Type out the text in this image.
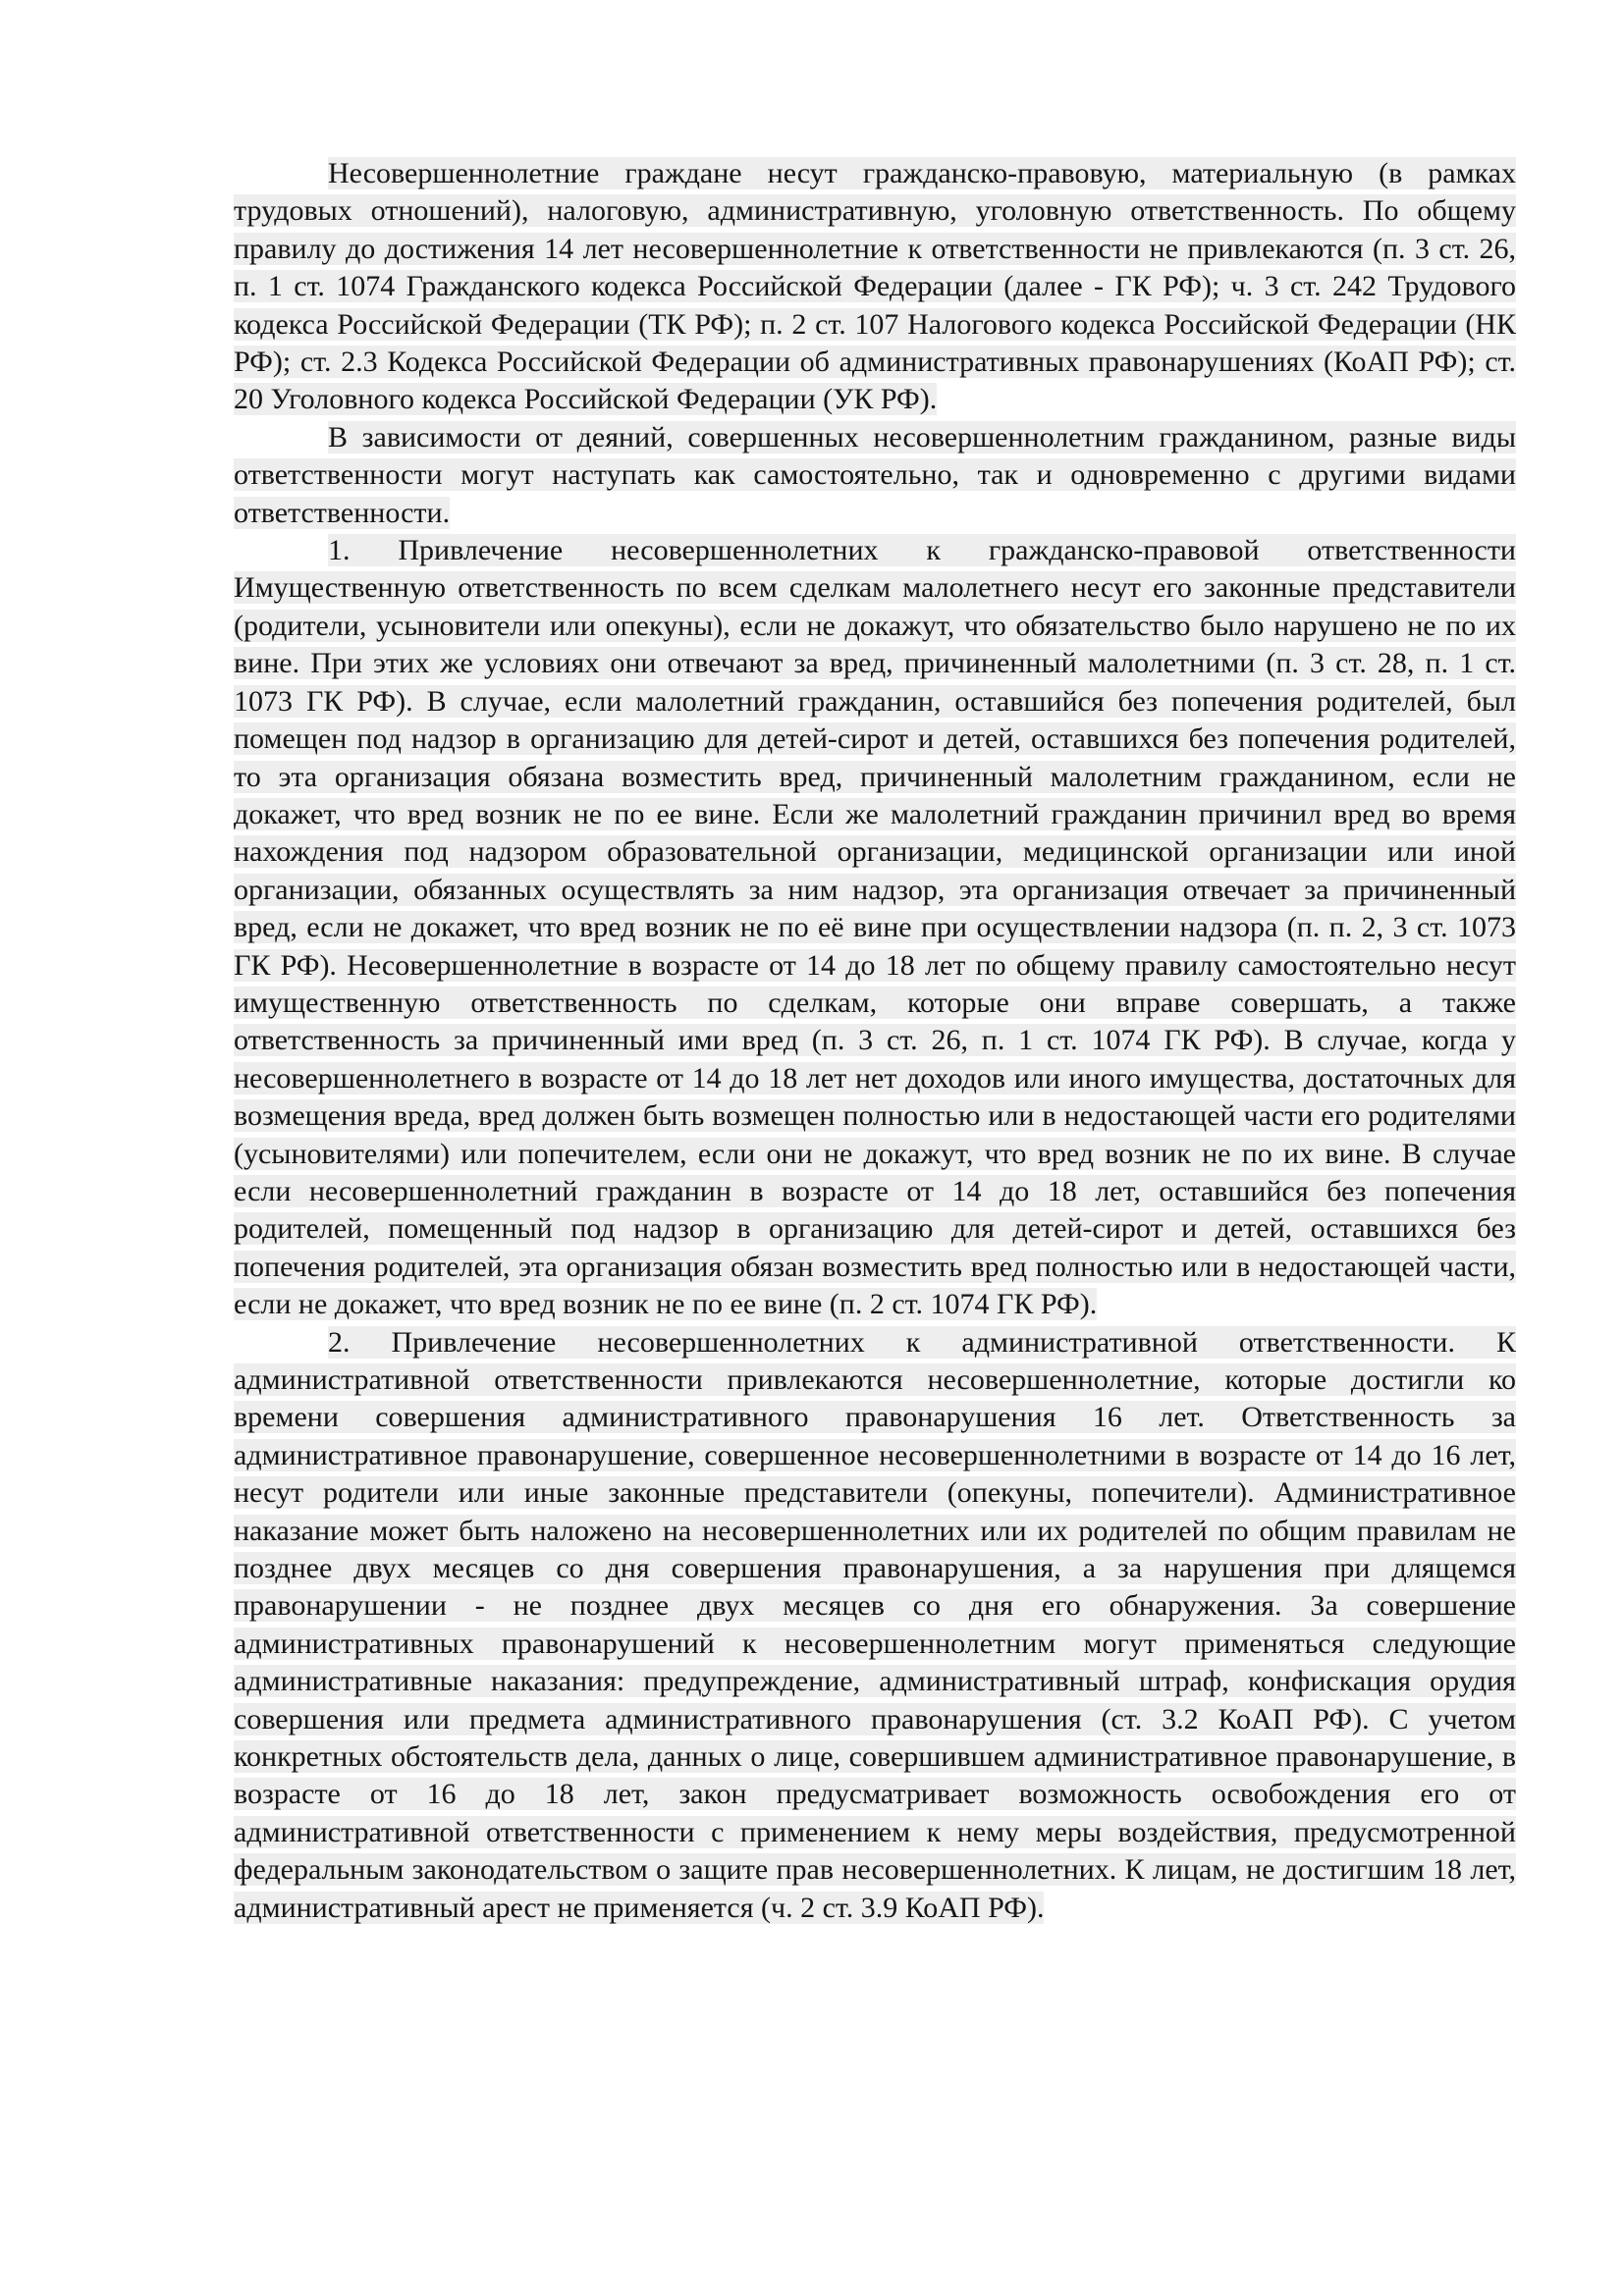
Несовершеннолетние граждане несут гражданско-правовую, материальную (в рамках трудовых отношений), налоговую, административную, уголовную ответственность. По общему правилу до достижения 14 лет несовершеннолетние к ответственности не привлекаются (п. 3 ст. 26, п. 1 ст. 1074 Гражданского кодекса Российской Федерации (далее - ГК РФ); ч. 3 ст. 242 Трудового кодекса Российской Федерации (ТК РФ); п. 2 ст. 107 Налогового кодекса Российской Федерации (НК РФ); ст. 2.3 Кодекса Российской Федерации об административных правонарушениях (КоАП РФ); ст. 20 Уголовного кодекса Российской Федерации (УК РФ).

В зависимости от деяний, совершенных несовершеннолетним гражданином, разные виды ответственности могут наступать как самостоятельно, так и одновременно с другими видами ответственности.

1. Привлечение несовершеннолетних к гражданско-правовой ответственности Имущественную ответственность по всем сделкам малолетнего несут его законные представители (родители, усыновители или опекуны), если не докажут, что обязательство было нарушено не по их вине. При этих же условиях они отвечают за вред, причиненный малолетними (п. 3 ст. 28, п. 1 ст. 1073 ГК РФ). В случае, если малолетний гражданин, оставшийся без попечения родителей, был помещен под надзор в организацию для детей-сирот и детей, оставшихся без попечения родителей, то эта организация обязана возместить вред, причиненный малолетним гражданином, если не докажет, что вред возник не по ее вине. Если же малолетний гражданин причинил вред во время нахождения под надзором образовательной организации, медицинской организации или иной организации, обязанных осуществлять за ним надзор, эта организация отвечает за причиненный вред, если не докажет, что вред возник не по её вине при осуществлении надзора (п. п. 2, 3 ст. 1073 ГК РФ). Несовершеннолетние в возрасте от 14 до 18 лет по общему правилу самостоятельно несут имущественную ответственность по сделкам, которые они вправе совершать, а также ответственность за причиненный ими вред (п. 3 ст. 26, п. 1 ст. 1074 ГК РФ). В случае, когда у несовершеннолетнего в возрасте от 14 до 18 лет нет доходов или иного имущества, достаточных для возмещения вреда, вред должен быть возмещен полностью или в недостающей части его родителями (усыновителями) или попечителем, если они не докажут, что вред возник не по их вине. В случае если несовершеннолетний гражданин в возрасте от 14 до 18 лет, оставшийся без попечения родителей, помещенный под надзор в организацию для детей-сирот и детей, оставшихся без попечения родителей, эта организация обязан возместить вред полностью или в недостающей части, если не докажет, что вред возник не по ее вине (п. 2 ст. 1074 ГК РФ).

2. Привлечение несовершеннолетних к административной ответственности. К административной ответственности привлекаются несовершеннолетние, которые достигли ко времени совершения административного правонарушения 16 лет. Ответственность за административное правонарушение, совершенное несовершеннолетними в возрасте от 14 до 16 лет, несут родители или иные законные представители (опекуны, попечители). Административное наказание может быть наложено на несовершеннолетних или их родителей по общим правилам не позднее двух месяцев со дня совершения правонарушения, а за нарушения при длящемся правонарушении - не позднее двух месяцев со дня его обнаружения. За совершение административных правонарушений к несовершеннолетним могут применяться следующие административные наказания: предупреждение, административный штраф, конфискация орудия совершения или предмета административного правонарушения (ст. 3.2 КоАП РФ). С учетом конкретных обстоятельств дела, данных о лице, совершившем административное правонарушение, в возрасте от 16 до 18 лет, закон предусматривает возможность освобождения его от административной ответственности с применением к нему меры воздействия, предусмотренной федеральным законодательством о защите прав несовершеннолетних. К лицам, не достигшим 18 лет, административный арест не применяется (ч. 2 ст. 3.9 КоАП РФ).
